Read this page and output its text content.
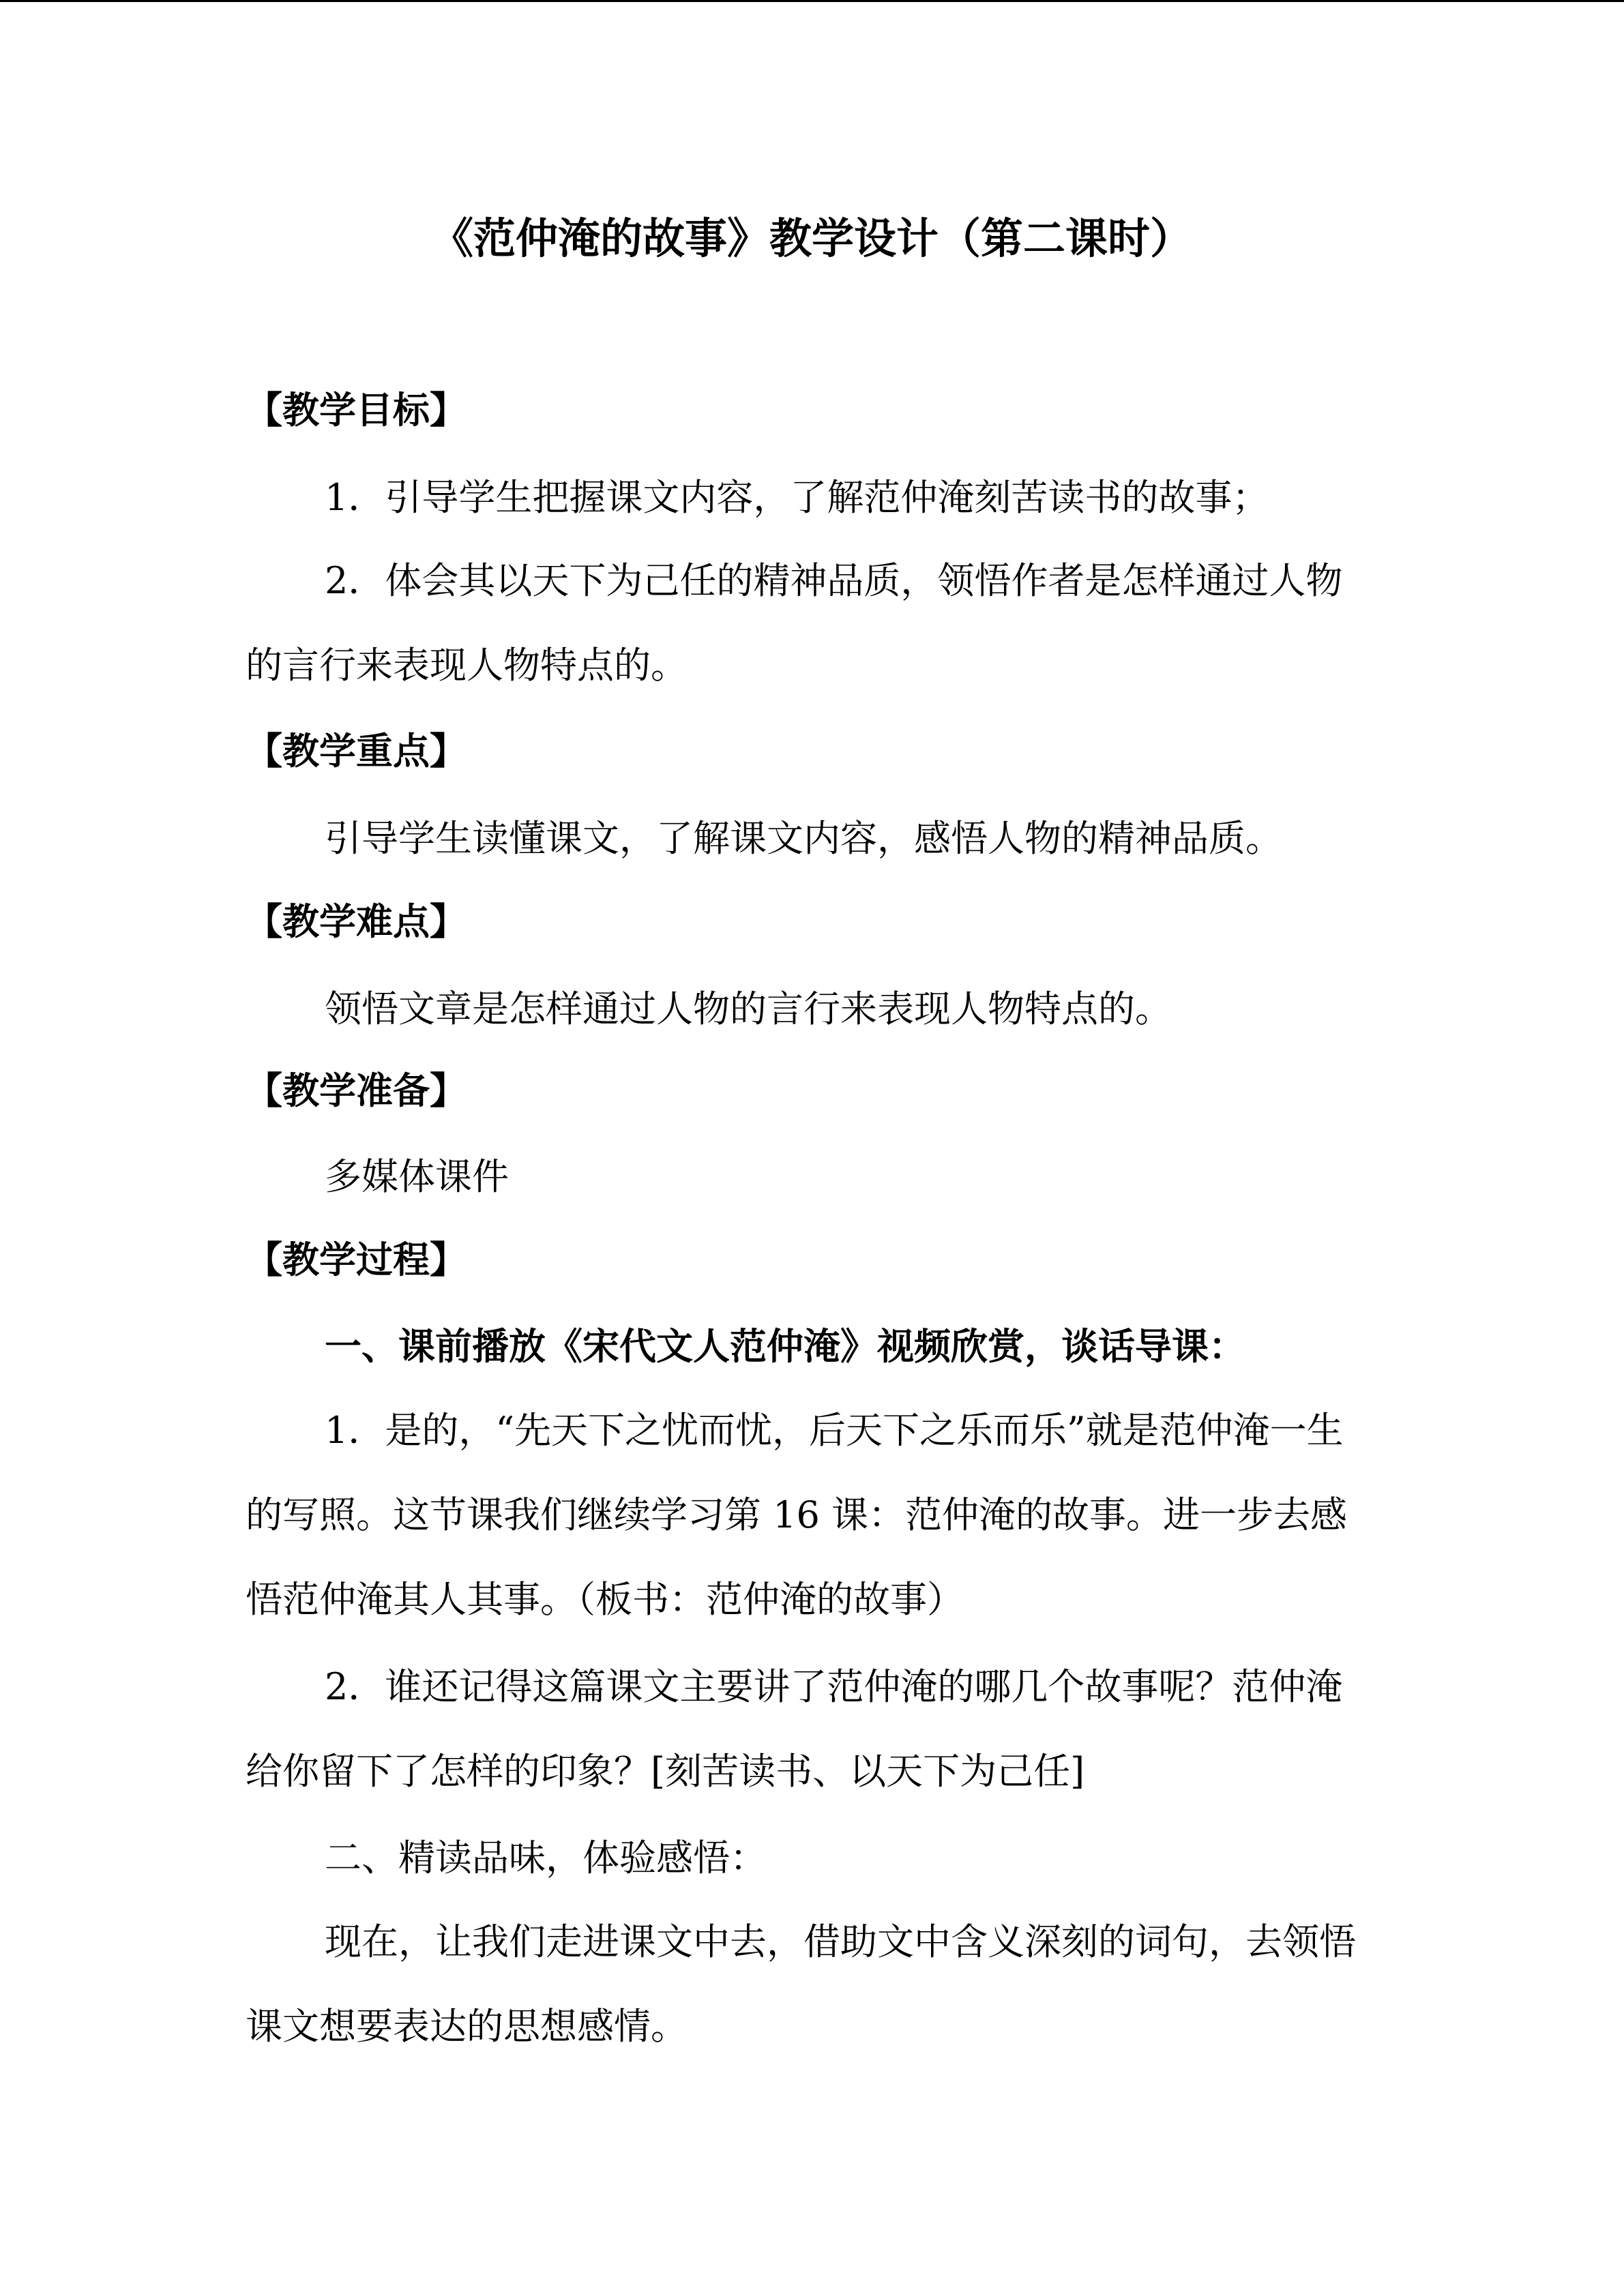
《范仲淹的故事》教学设计（第二课时）
【教学目标】
1．引导学生把握课文内容，了解范仲淹刻苦读书的故事；
2．体会其以天下为己任的精神品质，领悟作者是怎样通过人物的言行来表现人物特点的。
【教学重点】
引导学生读懂课文，了解课文内容，感悟人物的精神品质。
【教学难点】
领悟文章是怎样通过人物的言行来表现人物特点的。
【教学准备】
多媒体课件
【教学过程】
一、课前播放《宋代文人范仲淹》视频欣赏，谈话导课：
1．是的，“先天下之忧而忧，后天下之乐而乐”就是范仲淹一生的写照。这节课我们继续学习第 16 课：范仲淹的故事。进一步去感悟范仲淹其人其事。（板书：范仲淹的故事）
2．谁还记得这篇课文主要讲了范仲淹的哪几个故事呢？范仲淹给你留下了怎样的印象？[刻苦读书、以天下为己任]
二、精读品味，体验感悟：
现在，让我们走进课文中去，借助文中含义深刻的词句，去领悟课文想要表达的思想感情。
